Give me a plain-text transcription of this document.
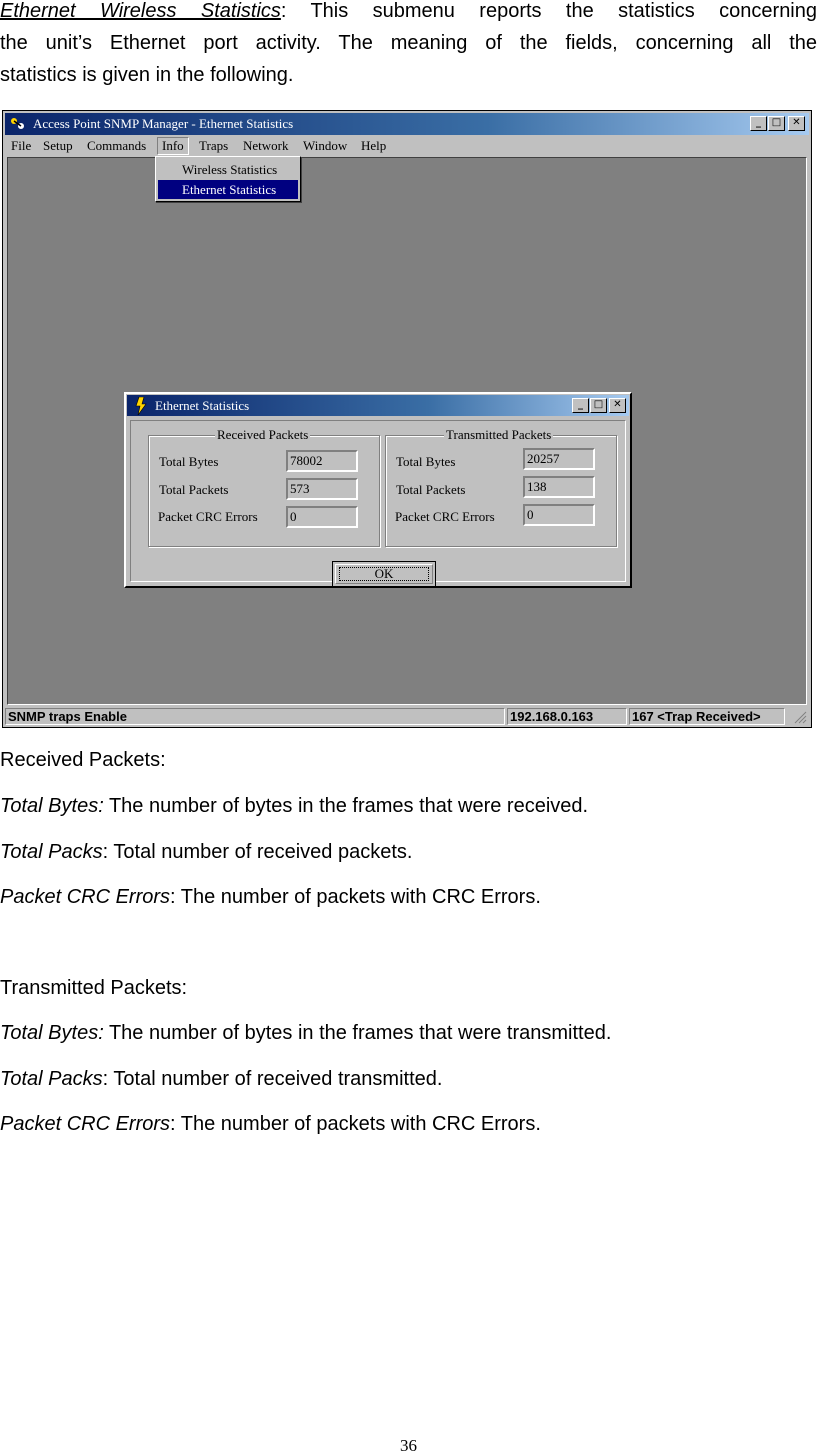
Ethernet Wireless Statistics: This submenu reports the statistics concerning
the unit’s Ethernet port activity. The meaning of the fields, concerning all the
statistics is given in the following.
Access Point SNMP Manager - Ethernet Statistics	_	□	✕
File Setup Commands	Info	Traps Network Window Help
Ethernet Statistics	_	□	✕
Received Packets
Total Bytes	78002
Total Packets	573
Packet CRC Errors	0
Transmitted Packets
Total Bytes	20257
Total Packets	138
Packet CRC Errors	0
OK
Wireless Statistics
Ethernet Statistics
SNMP traps Enable	192.168.0.163	167 <Trap Received>
Received Packets:
Total Bytes: The number of bytes in the frames that were received.
Total Packs: Total number of received packets.
Packet CRC Errors: The number of packets with CRC Errors.
Transmitted Packets:
Total Bytes: The number of bytes in the frames that were transmitted.
Total Packs: Total number of received transmitted.
Packet CRC Errors: The number of packets with CRC Errors.
36
